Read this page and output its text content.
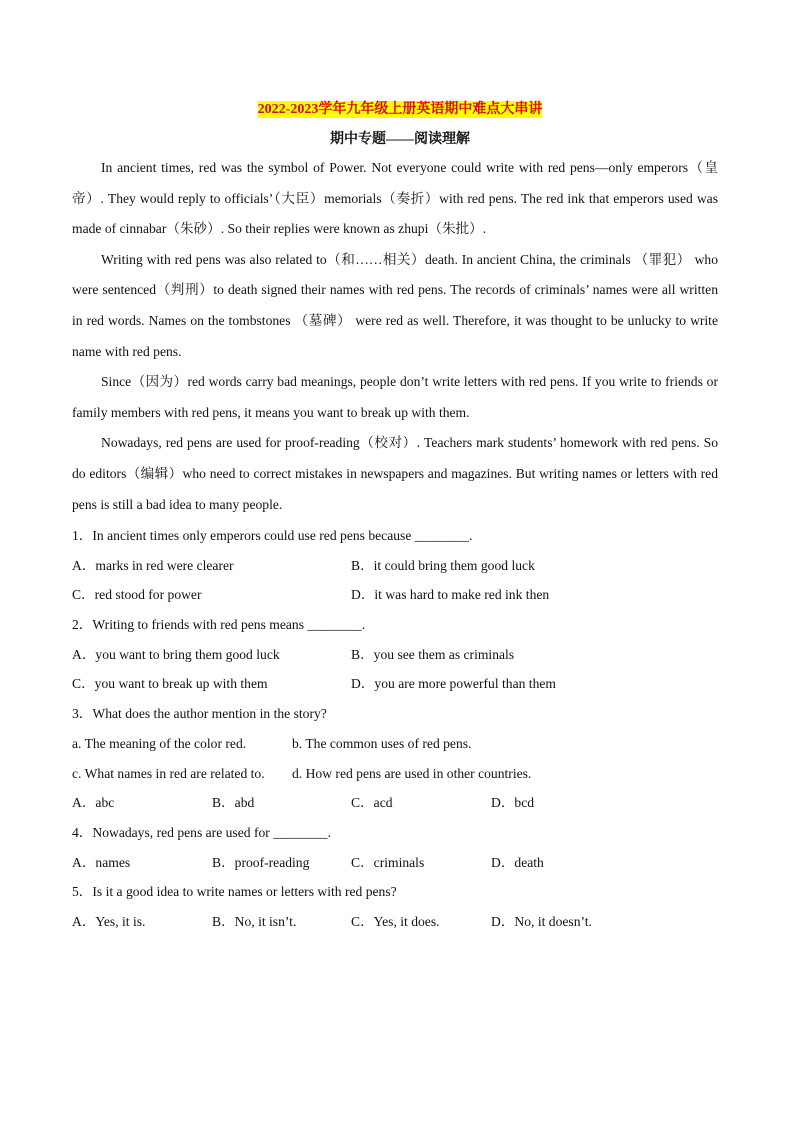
2022-2023学年九年级上册英语期中难点大串讲
期中专题——阅读理解

In ancient times, red was the symbol of Power. Not everyone could write with red pens—only emperors（皇帝）. They would reply to officials’（大臣）memorials（奏折）with red pens. The red ink that emperors used was made of cinnabar（朱砂）. So their replies were known as zhupi（朱批）.

Writing with red pens was also related to（和……相关）death. In ancient China, the criminals （罪犯） who were sentenced（判刑）to death signed their names with red pens. The records of criminals’ names were all written in red words. Names on the tombstones （墓碑） were red as well. Therefore, it was thought to be unlucky to write name with red pens.

Since（因为）red words carry bad meanings, people don’t write letters with red pens. If you write to friends or family members with red pens, it means you want to break up with them.

Nowadays, red pens are used for proof-reading（校对）. Teachers mark students’ homework with red pens. So do editors（编辑）who need to correct mistakes in newspapers and magazines. But writing names or letters with red pens is still a bad idea to many people.

1．In ancient times only emperors could use red pens because ________.
A．marks in red were clearer	B．it could bring them good luck
C．red stood for power	D．it was hard to make red ink then
2．Writing to friends with red pens means ________.
A．you want to bring them good luck	B．you see them as criminals
C．you want to break up with them	D．you are more powerful than them
3．What does the author mention in the story?
a. The meaning of the color red.	b. The common uses of red pens.
c. What names in red are related to. d. How red pens are used in other countries.
A．abc	B．abd	C．acd	D．bcd
4．Nowadays, red pens are used for ________.
A．names	B．proof-reading	C．criminals	D．death
5．Is it a good idea to write names or letters with red pens?
A．Yes, it is.	B．No, it isn’t.	C．Yes, it does.	D．No, it doesn’t.
